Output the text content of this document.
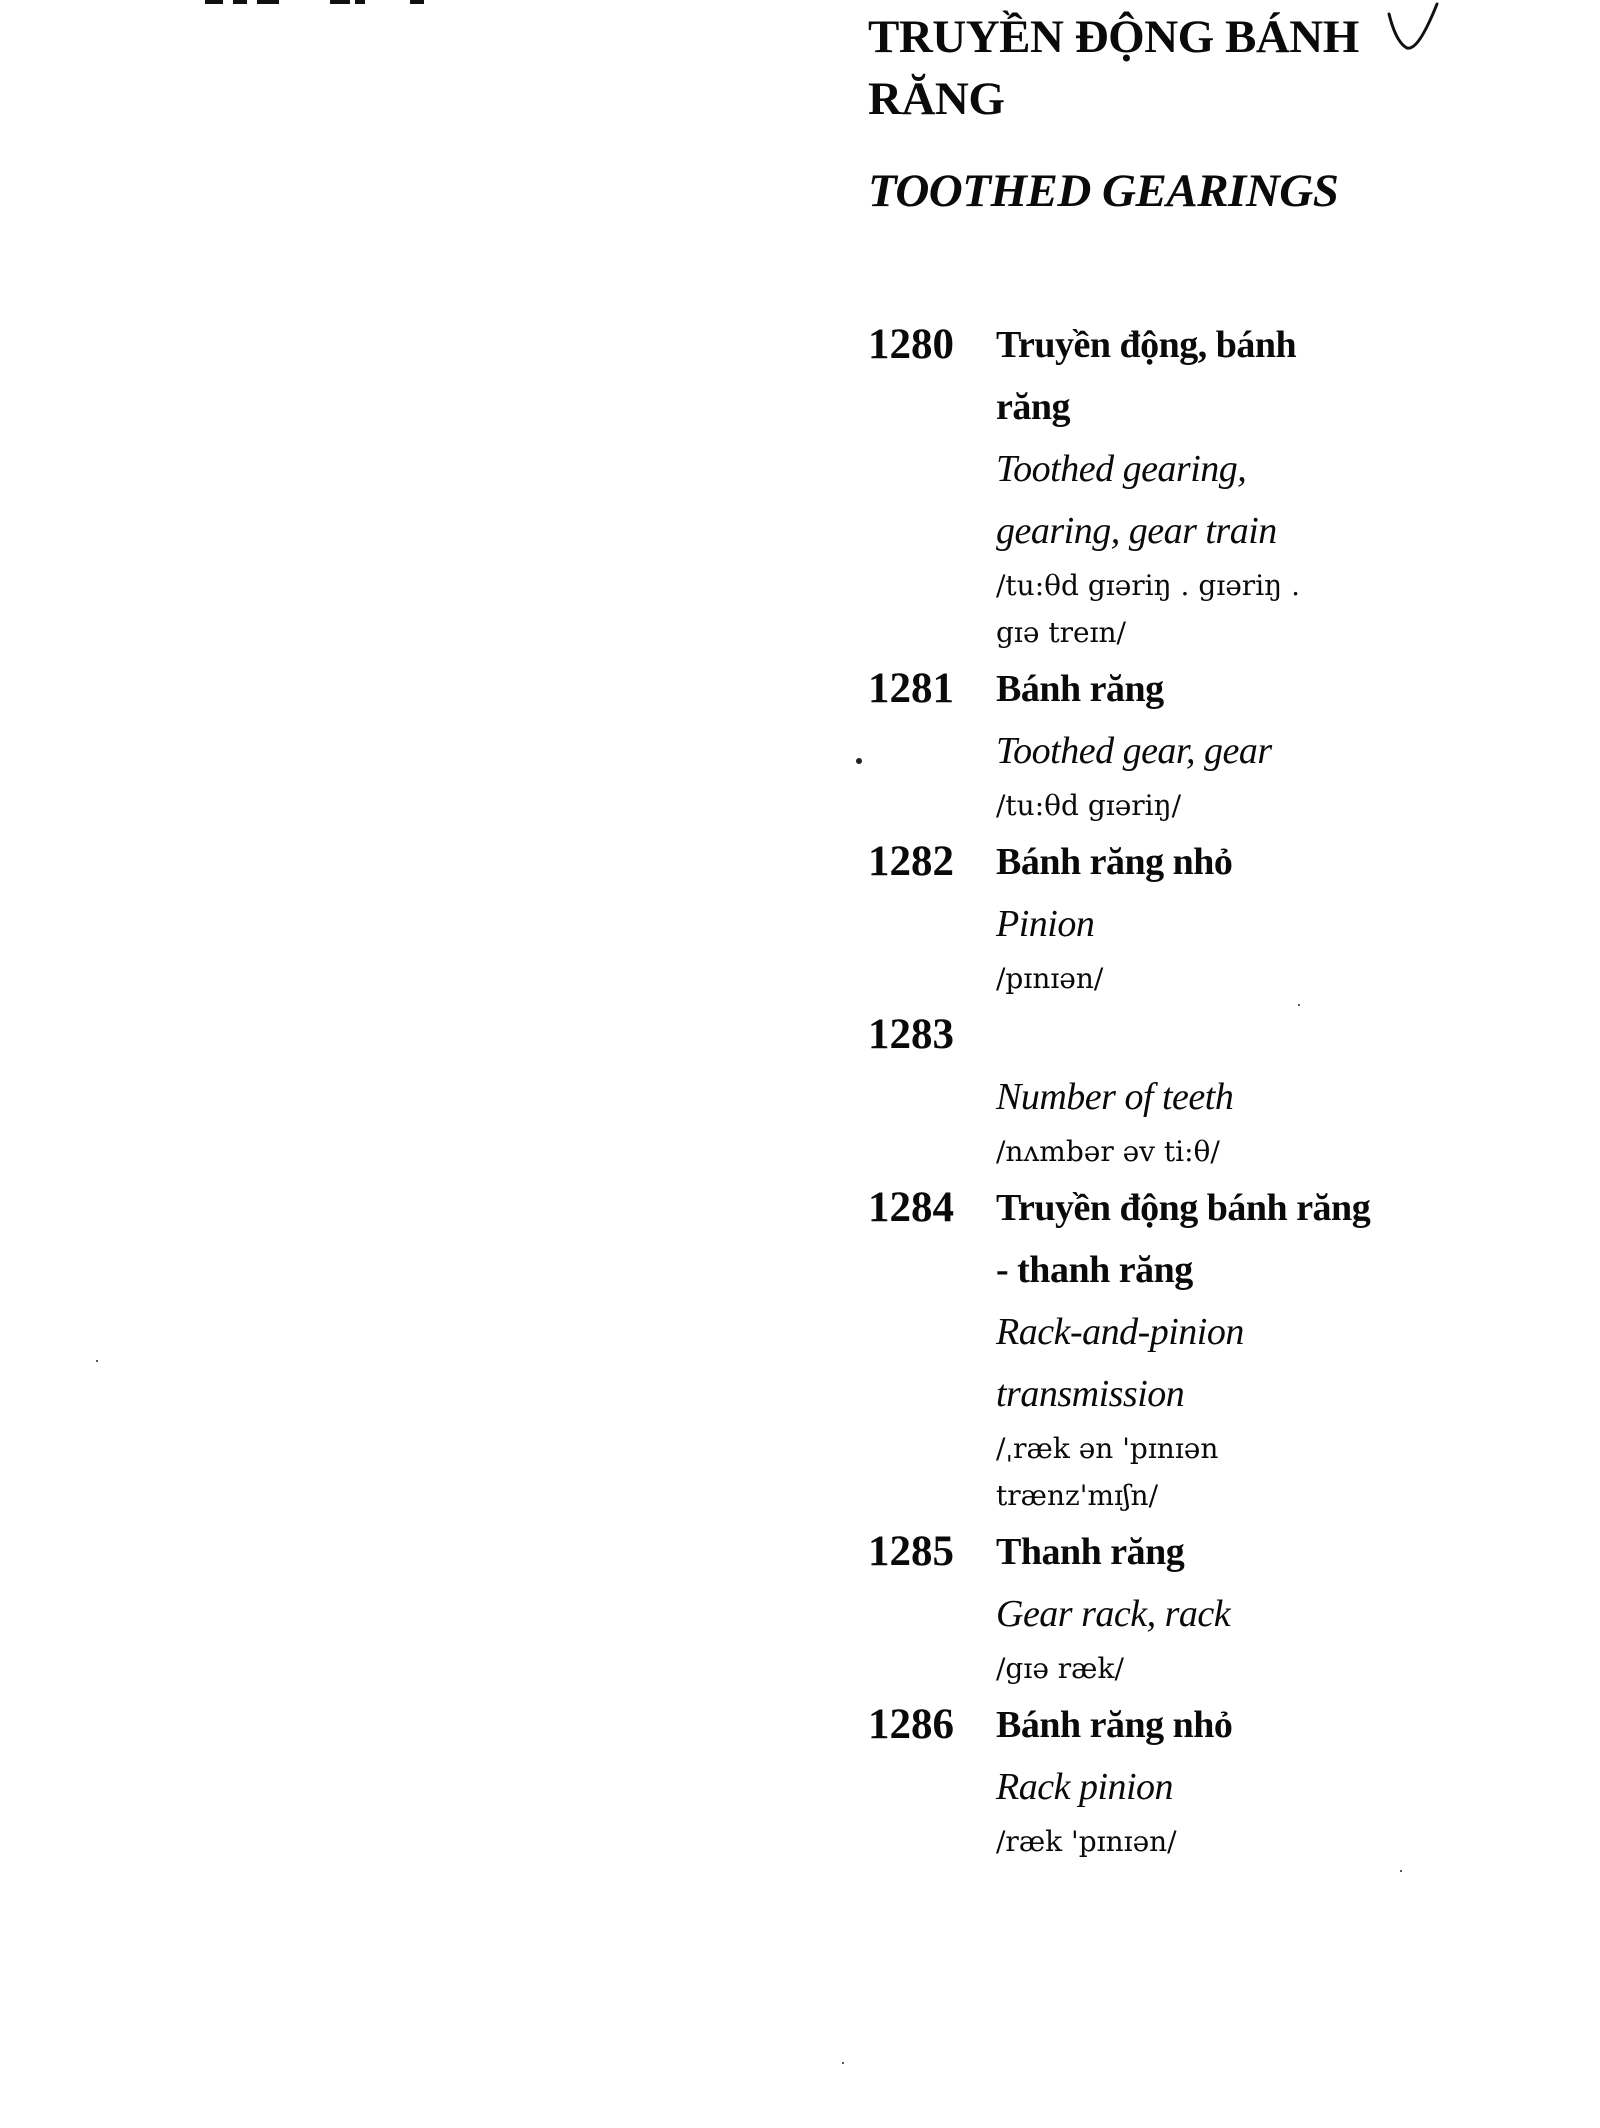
TRUYỀN ĐỘNG BÁNH
RĂNG
TOOTHED GEARINGS
1280	Truyền động, bánh
răng
Toothed gearing,
gearing, gear train
/tu:θd gɪəriŋ . gɪəriŋ .
gɪə treɪn/
1281	Bánh răng
Toothed gear, gear
/tu:θd gɪəriŋ/
1282	Bánh răng nhỏ
Pinion
/pɪnɪən/
1283
Number of teeth
/nʌmbər əv ti:θ/
1284	Truyền động bánh răng
- thanh răng
Rack-and-pinion
transmission
/ˌræk ən 'pɪnɪən
trænz'mɪʃn/
1285	Thanh răng
Gear rack, rack
/gɪə ræk/
1286	Bánh răng nhỏ
Rack pinion
/ræk 'pɪnɪən/
